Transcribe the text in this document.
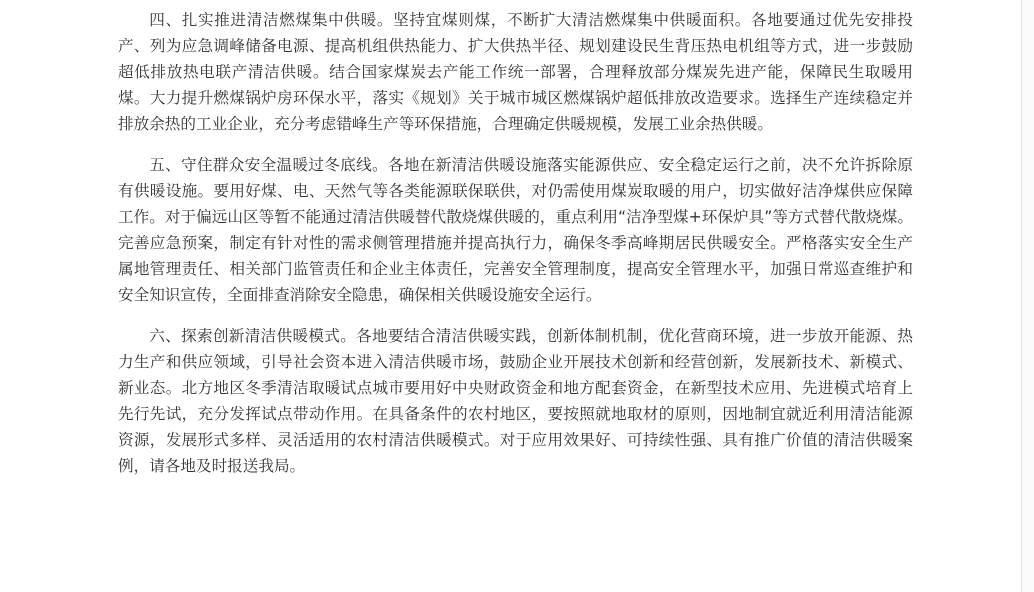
四、扎实推进清洁燃煤集中供暖。坚持宜煤则煤，不断扩大清洁燃煤集中供暖面积。各地要通过优先安排投产、列为应急调峰储备电源、提高机组供热能力、扩大供热半径、规划建设民生背压热电机组等方式，进一步鼓励超低排放热电联产清洁供暖。结合国家煤炭去产能工作统一部署，合理释放部分煤炭先进产能，保障民生取暖用煤。大力提升燃煤锅炉房环保水平，落实《规划》关于城市城区燃煤锅炉超低排放改造要求。选择生产连续稳定并排放余热的工业企业，充分考虑错峰生产等环保措施，合理确定供暖规模，发展工业余热供暖。

五、守住群众安全温暖过冬底线。各地在新清洁供暖设施落实能源供应、安全稳定运行之前，决不允许拆除原有供暖设施。要用好煤、电、天然气等各类能源联保联供，对仍需使用煤炭取暖的用户，切实做好洁净煤供应保障工作。对于偏远山区等暂不能通过清洁供暖替代散烧煤供暖的，重点利用“洁净型煤+环保炉具”等方式替代散烧煤。完善应急预案，制定有针对性的需求侧管理措施并提高执行力，确保冬季高峰期居民供暖安全。严格落实安全生产属地管理责任、相关部门监管责任和企业主体责任，完善安全管理制度，提高安全管理水平，加强日常巡查维护和安全知识宣传，全面排查消除安全隐患，确保相关供暖设施安全运行。

六、探索创新清洁供暖模式。各地要结合清洁供暖实践，创新体制机制，优化营商环境，进一步放开能源、热力生产和供应领域，引导社会资本进入清洁供暖市场，鼓励企业开展技术创新和经营创新，发展新技术、新模式、新业态。北方地区冬季清洁取暖试点城市要用好中央财政资金和地方配套资金，在新型技术应用、先进模式培育上先行先试，充分发挥试点带动作用。在具备条件的农村地区，要按照就地取材的原则，因地制宜就近利用清洁能源资源，发展形式多样、灵活适用的农村清洁供暖模式。对于应用效果好、可持续性强、具有推广价值的清洁供暖案例，请各地及时报送我局。
